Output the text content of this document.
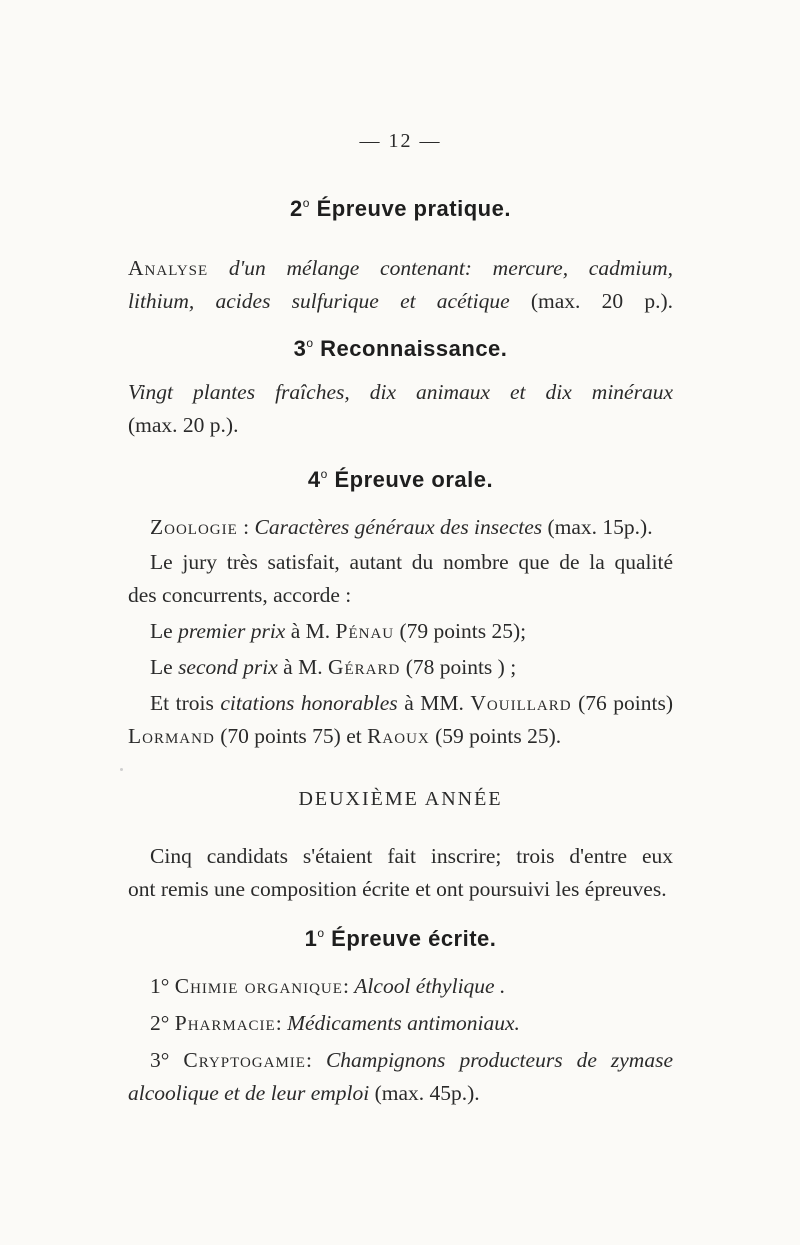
— 12 —
2$^o$ Épreuve pratique.
Analyse d'un mélange contenant: mercure, cadmium,
lithium, acides sulfurique et acétique (max. 20 p.).
3$^o$ Reconnaissance.
Vingt plantes fraîches, dix animaux et dix minéraux
(max. 20 p.).
4$^o$ Épreuve orale.
Zoologie : Caractères généraux des insectes (max. 15p.).
Le jury très satisfait, autant du nombre que de la qualité
des concurrents, accorde :
Le premier prix à M. Pénau (79 points 25);
Le second prix à M. Gérard (78 points ) ;
Et trois citations honorables à MM. Vouillard (76 points)
Lormand (70 points 75) et Raoux (59 points 25).
DEUXIÈME ANNÉE
Cinq candidats s'étaient fait inscrire; trois d'entre eux
ont remis une composition écrite et ont poursuivi les épreuves.
1$^o$ Épreuve écrite.
1° Chimie organique: Alcool éthylique .
2° Pharmacie: Médicaments antimoniaux.
3° Cryptogamie: Champignons producteurs de zymase
alcoolique et de leur emploi (max. 45p.).
